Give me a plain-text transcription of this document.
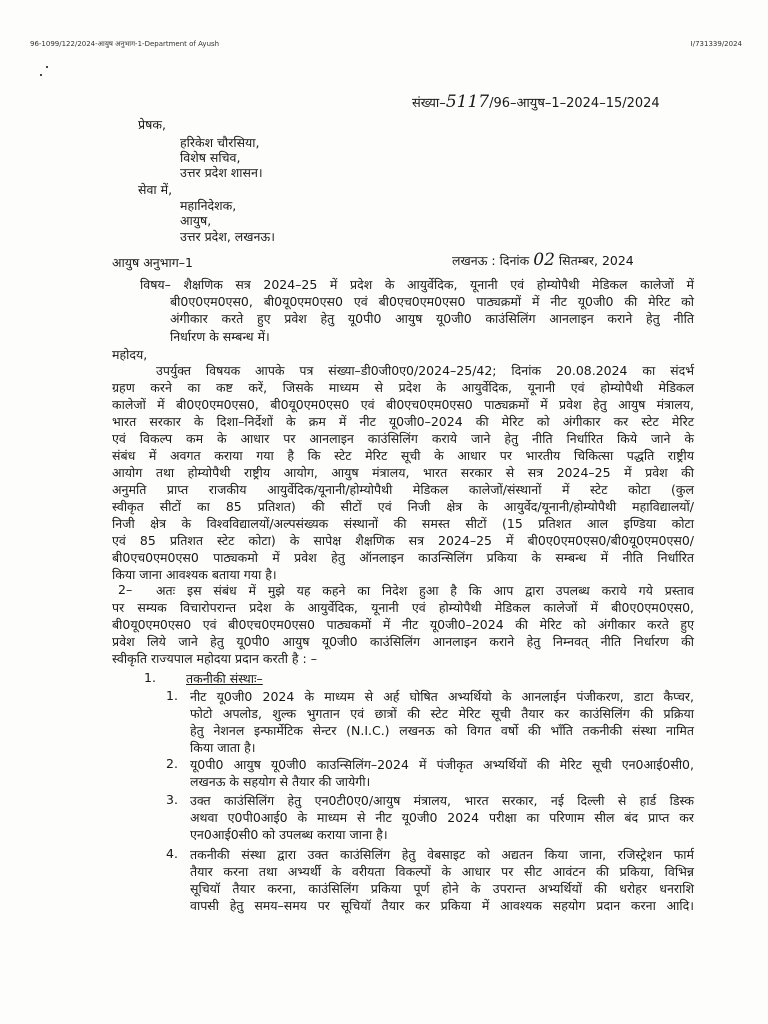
96-1099/122/2024-आयुष अनुभाग-1-Department of Ayush	I/731339/2024
संख्या–5117/96–आयुष–1–2024–15/2024
प्रेषक,
हरिकेश चौरसिया,
विशेष सचिव,
उत्तर प्रदेश शासन।
सेवा में,
महानिदेशक,
आयुष,
उत्तर प्रदेश, लखनऊ।
आयुष अनुभाग–1	लखनऊ : दिनांक 02 सितम्बर, 2024
विषय– शैक्षणिक सत्र 2024–25 में प्रदेश के आयुर्वेदिक, यूनानी एवं होम्योपैथी मेडिकल कालेजों में
बी0ए0एम0एस0, बी0यू0एम0एस0 एवं बी0एच0एम0एस0 पाठ्यक्रमों में नीट यू0जी0 की मेरिट को
अंगीकार करते हुए प्रवेश हेतु यू0पी0 आयुष यू0जी0 काउंसिलिंग आनलाइन कराने हेतु नीति
निर्धारण के सम्बन्ध में।
महोदय,
उपर्युक्त विषयक आपके पत्र संख्या–डी0जी0ए0/2024–25/42; दिनांक 20.08.2024 का संदर्भ
ग्रहण करने का कष्ट करें, जिसके माध्यम से प्रदेश के आयुर्वेदिक, यूनानी एवं होम्योपैथी मेडिकल
कालेजों में बी0ए0एम0एस0, बी0यू0एम0एस0 एवं बी0एच0एम0एस0 पाठ्यक्रमों में प्रवेश हेतु आयुष मंत्रालय,
भारत सरकार के दिशा–निर्देशों के क्रम में नीट यू0जी0–2024 की मेरिट को अंगीकार कर स्टेट मेरिट
एवं विकल्प कम के आधार पर आनलाइन काउंसिलिंग कराये जाने हेतु नीति निर्धारित किये जाने के
संबंध में अवगत कराया गया है कि स्टेट मेरिट सूची के आधार पर भारतीय चिकित्सा पद्धति राष्ट्रीय
आयोग तथा होम्योपैथी राष्ट्रीय आयोग, आयुष मंत्रालय, भारत सरकार से सत्र 2024–25 में प्रवेश की
अनुमति प्राप्त राजकीय आयुर्वेदिक/यूनानी/होम्योपैथी मेडिकल कालेजों/संस्थानों में स्टेट कोटा (कुल
स्वीकृत सीटों का 85 प्रतिशत) की सीटों एवं निजी क्षेत्र के आयुर्वेद/यूनानी/होम्योपैथी महाविद्यालयों/
निजी क्षेत्र के विश्वविद्यालयों/अल्पसंख्यक संस्थानों की समस्त सीटों (15 प्रतिशत आल इण्डिया कोटा
एवं 85 प्रतिशत स्टेट कोटा) के सापेक्ष शैक्षणिक सत्र 2024–25 में बी0ए0एम0एस0/बी0यू0एम0एस0/
बी0एच0एम0एस0 पाठ्यकमो में प्रवेश हेतु ऑनलाइन काउन्सिलिंग प्रकिया के सम्बन्ध में नीति निर्धारित
किया जाना आवश्यक बताया गया है।
2– अतः इस संबंध में मुझे यह कहने का निदेश हुआ है कि आप द्वारा उपलब्ध कराये गये प्रस्ताव
पर सम्यक विचारोपरान्त प्रदेश के आयुर्वेदिक, यूनानी एवं होम्योपैथी मेडिकल कालेजों में बी0ए0एम0एस0,
बी0यू0एम0एस0 एवं बी0एच0एम0एस0 पाठ्यकमों में नीट यू0जी0–2024 की मेरिट को अंगीकार करते हुए
प्रवेश लिये जाने हेतु यू0पी0 आयुष यू0जी0 काउंसिलिंग आनलाइन कराने हेतु निम्नवत् नीति निर्धारण की
स्वीकृति राज्यपाल महोदया प्रदान करती है : –
1. तकनीकी संस्थाः–
1. नीट यू0जी0 2024 के माध्यम से अर्ह घोषित अभ्यर्थियो के आनलाईन पंजीकरण, डाटा कैप्चर,
फोटो अपलोड, शुल्क भुगतान एवं छात्रों की स्टेट मेरिट सूची तैयार कर काउंसिलिंग की प्रक्रिया
हेतु नेशनल इन्फार्मेटिक सेन्टर (N.I.C.) लखनऊ को विगत वर्षो की भाँति तकनीकी संस्था नामित
किया जाता है।
2. यू0पी0 आयुष यू0जी0 काउन्सिलिंग–2024 में पंजीकृत अभ्यर्थियों की मेरिट सूची एन0आई0सी0,
लखनऊ के सहयोग से तैयार की जायेगी।
3. उक्त काउंसिलिंग हेतु एन0टी0ए0/आयुष मंत्रालय, भारत सरकार, नई दिल्ली से हार्ड डिस्क
अथवा ए0पी0आई0 के माध्यम से नीट यू0जी0 2024 परीक्षा का परिणाम सील बंद प्राप्त कर
एन0आई0सी0 को उपलब्ध कराया जाना है।
4. तकनीकी संस्था द्वारा उक्त काउंसिलिंग हेतु वेबसाइट को अद्यतन किया जाना, रजिस्ट्रेशन फार्म
तैयार करना तथा अभ्यर्थी के वरीयता विकल्पों के आधार पर सीट आवंटन की प्रकिया, विभिन्न
सूचियॉ तैयार करना, काउंसिलिंग प्रकिया पूर्ण होने के उपरान्त अभ्यर्थियों की धरोहर धनराशि
वापसी हेतु समय–समय पर सूचियॉ तैयार कर प्रकिया में आवश्यक सहयोग प्रदान करना आदि।
